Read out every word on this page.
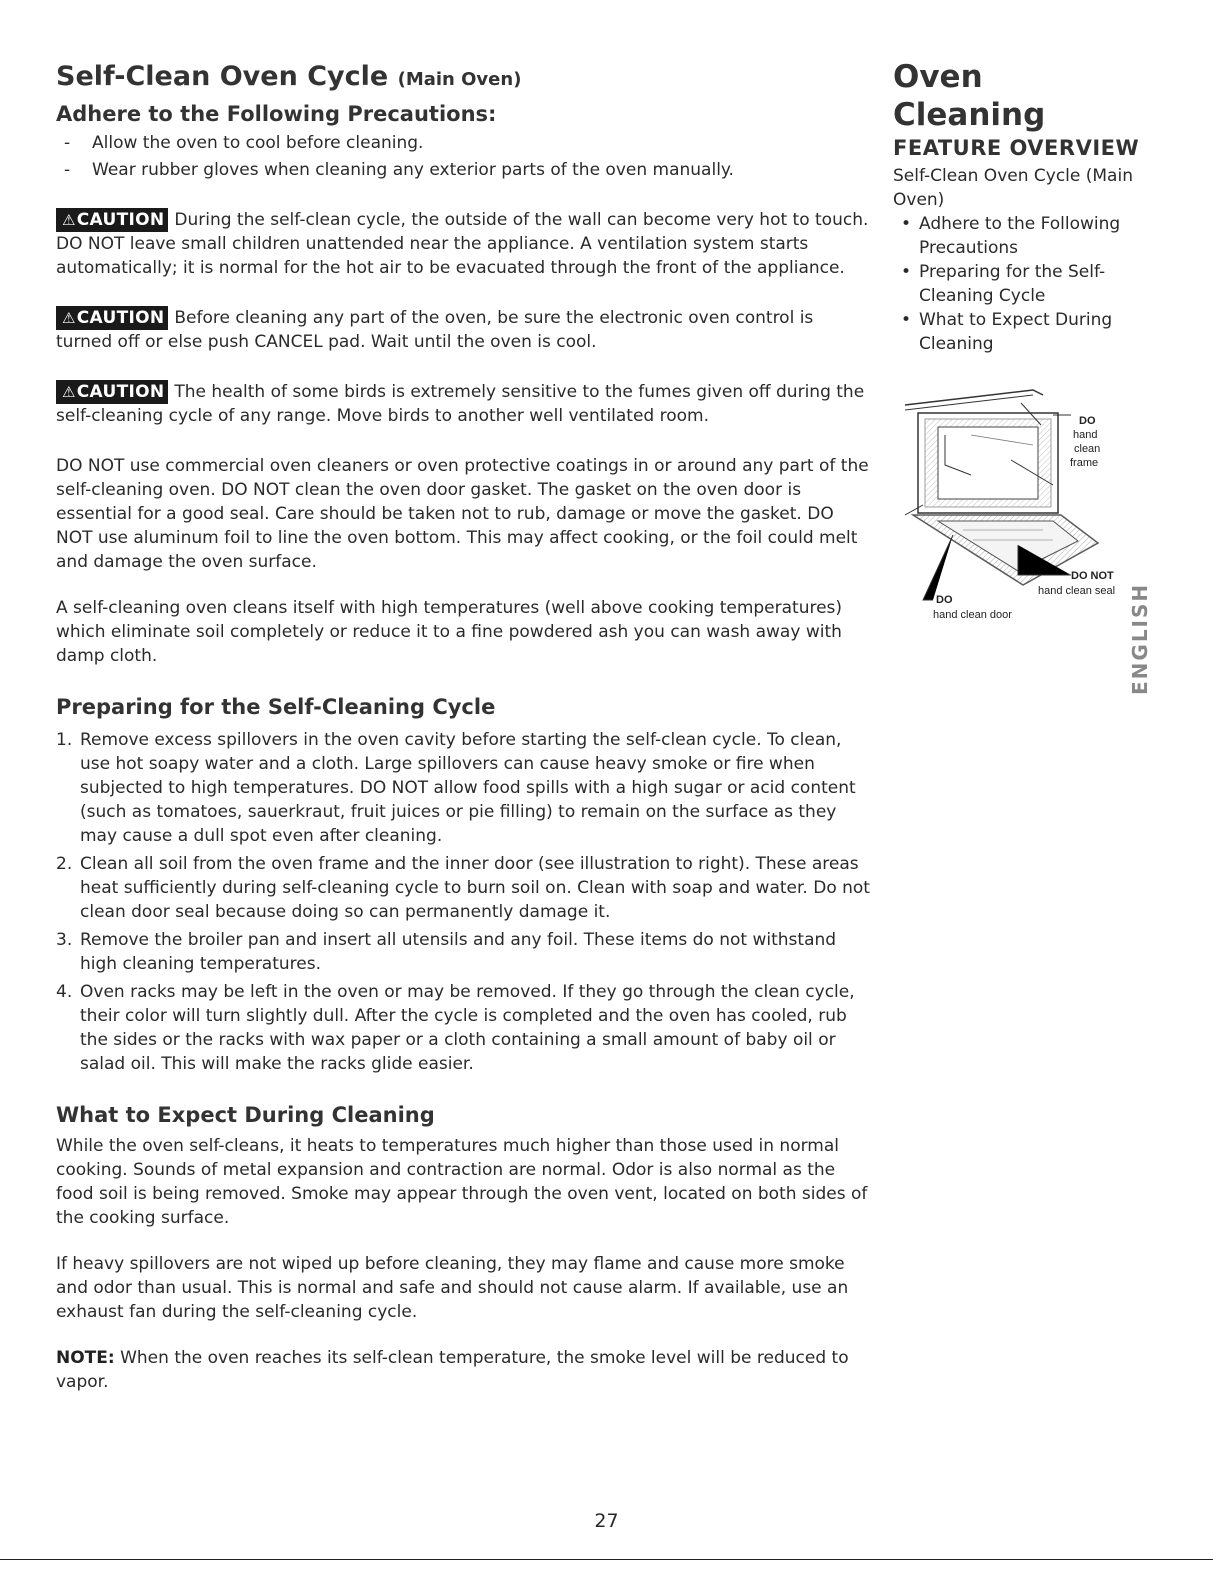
Self-Clean Oven Cycle (Main Oven)
Adhere to the Following Precautions:
- Allow the oven to cool before cleaning.
- Wear rubber gloves when cleaning any exterior parts of the oven manually.

⚠CAUTION During the self-clean cycle, the outside of the wall can become very hot to touch. DO NOT leave small children unattended near the appliance. A ventilation system starts automatically; it is normal for the hot air to be evacuated through the front of the appliance.

⚠CAUTION Before cleaning any part of the oven, be sure the electronic oven control is turned off or else push CANCEL pad. Wait until the oven is cool.

⚠CAUTION The health of some birds is extremely sensitive to the fumes given off during the self-cleaning cycle of any range. Move birds to another well ventilated room.

DO NOT use commercial oven cleaners or oven protective coatings in or around any part of the self-cleaning oven. DO NOT clean the oven door gasket. The gasket on the oven door is essential for a good seal. Care should be taken not to rub, damage or move the gasket. DO NOT use aluminum foil to line the oven bottom. This may affect cooking, or the foil could melt and damage the oven surface.

A self-cleaning oven cleans itself with high temperatures (well above cooking temperatures) which eliminate soil completely or reduce it to a fine powdered ash you can wash away with damp cloth.

Preparing for the Self-Cleaning Cycle
1. Remove excess spillovers in the oven cavity before starting the self-clean cycle. To clean, use hot soapy water and a cloth. Large spillovers can cause heavy smoke or fire when subjected to high temperatures. DO NOT allow food spills with a high sugar or acid content (such as tomatoes, sauerkraut, fruit juices or pie filling) to remain on the surface as they may cause a dull spot even after cleaning.
2. Clean all soil from the oven frame and the inner door (see illustration to right). These areas heat sufficiently during self-cleaning cycle to burn soil on. Clean with soap and water. Do not clean door seal because doing so can permanently damage it.
3. Remove the broiler pan and insert all utensils and any foil. These items do not withstand high cleaning temperatures.
4. Oven racks may be left in the oven or may be removed. If they go through the clean cycle, their color will turn slightly dull. After the cycle is completed and the oven has cooled, rub the sides or the racks with wax paper or a cloth containing a small amount of baby oil or salad oil. This will make the racks glide easier.
What to Expect During Cleaning

While the oven self-cleans, it heats to temperatures much higher than those used in normal cooking. Sounds of metal expansion and contraction are normal. Odor is also normal as the food soil is being removed. Smoke may appear through the oven vent, located on both sides of the cooking surface.

If heavy spillovers are not wiped up before cleaning, they may flame and cause more smoke and odor than usual. This is normal and safe and should not cause alarm. If available, use an exhaust fan during the self-cleaning cycle.

NOTE: When the oven reaches its self-clean temperature, the smoke level will be reduced to vapor.

Oven Cleaning
FEATURE OVERVIEW
Self-Clean Oven Cycle (Main Oven)
• Adhere to the Following Precautions
• Preparing for the Self-Cleaning Cycle
• What to Expect During Cleaning
DO
hand
clean
frame
DO NOT
hand clean seal
DO
hand clean door	ENGLISH
27
